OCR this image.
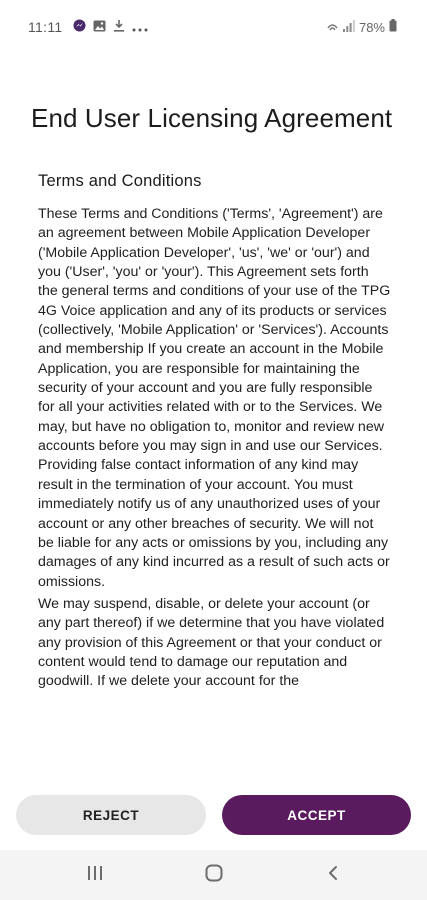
11:11	78%
End User Licensing Agreement
Terms and Conditions

These Terms and Conditions ('Terms', 'Agreement') are an agreement between Mobile Application Developer ('Mobile Application Developer', 'us', 'we' or 'our') and you ('User', 'you' or 'your'). This Agreement sets forth the general terms and conditions of your use of the TPG 4G Voice application and any of its products or services (collectively, 'Mobile Application' or 'Services'). Accounts and membership If you create an account in the Mobile Application, you are responsible for maintaining the security of your account and you are fully responsible for all your activities related with or to the Services. We may, but have no obligation to, monitor and review new accounts before you may sign in and use our Services. Providing false contact information of any kind may result in the termination of your account. You must immediately notify us of any unauthorized uses of your account or any other breaches of security. We will not be liable for any acts or omissions by you, including any damages of any kind incurred as a result of such acts or omissions.

We may suspend, disable, or delete your account (or any part thereof) if we determine that you have violated any provision of this Agreement or that your conduct or content would tend to damage our reputation and goodwill. If we delete your account for the

REJECT	ACCEPT
